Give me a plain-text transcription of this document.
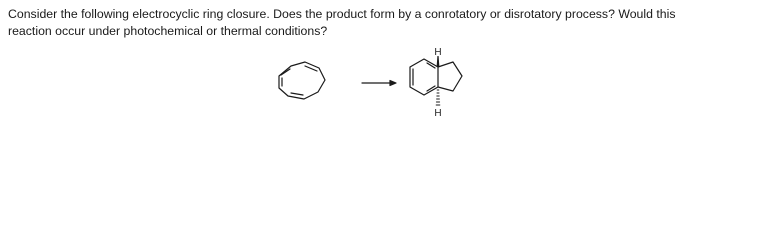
Consider the following electrocyclic ring closure. Does the product form by a conrotatory or disrotatory process? Would this

reaction occur under photochemical or thermal conditions?

H
H
